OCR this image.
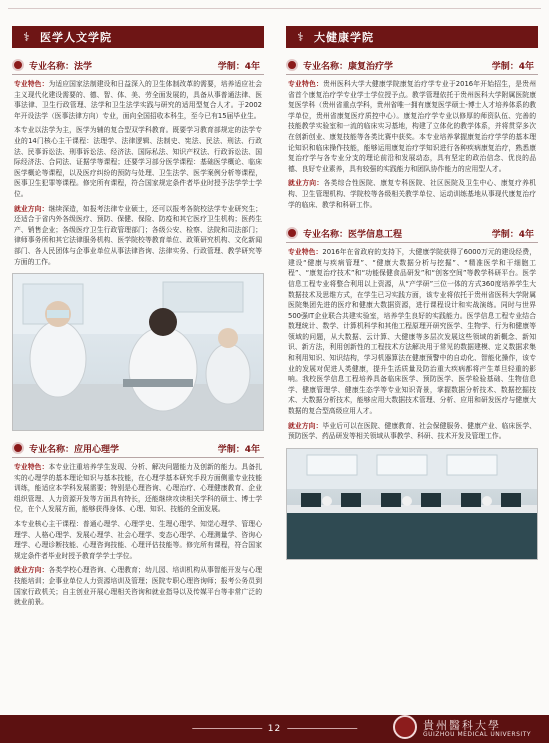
⚕ 医学人文学院
专业名称：法学	学制：4年
专业特色：为适应国家法制建设和日益深入的卫生体制改革的需要，培养适应社会主义现代化建设需要的、德、智、体、美、劳全面发展的，具备从事普通法律、医事法律、卫生行政管理、法学和卫生法学实践与研究的适用型复合人才。于2002年开设法学（医事法律方向）专业，面向全国招收本科生，至今已有15届毕业生。
本专业以法学为主，医学为辅的复合型双学科教育。既要学习教育部规定的法学专业的14门核心主干课程：法理学、法律逻辑、法制史、宪法、民法、刑法、行政法、民事诉讼法、刑事诉讼法、经济法、国际私法、知识产权法、行政诉讼法、国际经济法、合同法、证据学等课程；还要学习部分医学课程：基础医学概论、临床医学概论等课程，以及医疗纠纷的预防与处理、卫生法学、医学案例分析等课程，医事卫生犯罪等课程。修完所有课程，符合国家规定条件者毕业时授予法学学士学位。
就业方向：继续深造，如报考法律专业硕士，还可以报考各院校法学专业研究生；还适合于省内外各级医疗、预防、保健、保险、防疫和其它医疗卫生机构；医药生产、销售企业；各级医疗卫生行政管理部门；各级公安、检察、法院和司法部门；律师事务所和其它法律服务机构、医学院校等教育单位、政策研究机构、文化新闻部门、各人民团体与企事业单位从事法律咨询、法律实务、行政管理、教学研究等方面的工作。
专业名称：应用心理学	学制：4年
专业特色：本专业注重培养学生发现、分析、解决问题能力及创新的能力。具备扎实的心理学的基本理论知识与基本技能，在心理学基本研究手段方面侧重专业技能训练，能适应本学科发展需要；特别是心理咨询、心理治疗、心理健康教育、企业组织管理、人力资源开发等方面具有特长，还能继续攻读相关学科的硕士、博士学位，在个人发展方面，能够获得身体、心理、知识、技能的全面发展。
本专业核心主干课程：普通心理学、心理学史、生理心理学、知觉心理学、管理心理学、人格心理学、发展心理学、社会心理学、变态心理学、心理测量学、咨询心理学、心理诊断技能、心理咨询技能、心理评估技能等。修完所有课程，符合国家规定条件者毕业时授予教育学学士学位。
就业方向：各类学校心理咨询、心理教育；幼儿园、培训机构从事智能开发与心理技能培训；企事业单位人力资源培训及管理；医院专职心理咨询师；报考公务员到国家行政机关；自主创业开展心理相关咨询和就业指导以及传媒平台等非常广泛的就业前景。
⚕ 大健康学院
专业名称：康复治疗学	学制：4年
专业特色：贵州医科大学大健康学院康复治疗学专业于2016年开始招生，是贵州省首个康复治疗学专业学士学位授予点。教学管理依托于贵州医科大学附属医院康复医学科（贵州省重点学科，贵州省唯一拥有康复医学硕士-博士人才培养体系的教学单位，贵州省康复医疗质控中心）。康复治疗学专业以修厚的师资队伍、完善的技能教学实验室和一流的临床实习基地，构建了立体化的教学体系，并将贯穿多次在创新创业、康复技能等各类比赛中获奖。本专业培养掌握康复治疗学学的基本理论知识和临床操作技能，能够运用康复治疗学知识进行各种疾病康复治疗，熟悉康复治疗学与各专业分支的理论前沿和发展动态，具有坚定的政治信念、优良的品德、良好专业素养，具有较强的实践能力和团队协作能力的应用型人才。
就业方向：各类综合性医院、康复专科医院、社区医院及卫生中心、康复疗养机构、卫生管理机构、学院校等各级相关教学单位、运动训练基地从事现代康复治疗学的临床、教学和科研工作。
专业名称：医学信息工程	学制：4年
专业特色：2016年在省政府的支持下，大健康学院获得了6000万元的建设经费，建设“健康与疾病管理”、“健康大数据分析与挖掘”、“精准医学和干细胞工程”、“康复治疗技术”和“功能保健食品研发”和“创客空间”等教学科研平台。医学信息工程专业将整合利用以上资源，从“产学研”三位一体的方式360度培养学生大数据技术及思维方式，在学生已习实践方面，该专业将依托于贵州省医科大学附属医院集团先进的医疗和健康大数据资源，进行课程设计和实战演练。同时与世界500强IT企业联合共建实验室，培养学生良好的实践能力。医学信息工程专业结合数理统计、数学、计算机科学和其他工程原理开研究医学、生物学、行为和健康等领域的问题，从大数据、云计算、大健康等多层次发展这些领域的新概念、新知识、新方法，利用创新性的工程技术方法解决用于常见的数据建模、定义数据求集和利用知识、知识结构，学习机器算法在健康预警中的自动化、智能化操作，该专业的发展对促进人类健康，提升生活质量及防治重大疾病都将产生革旦轻重的影响。我校医学信息工程培养具备临床医学、预防医学、医学检验基础、生物信息学、健康管理学、健康生态学等专业知识背景，掌握数据分析技术、数据挖掘技术、大数据分析技术，能够应用大数据技术管理、分析、应用和研发医疗与健康大数据的复合型高级应用人才。
就业方向：毕业后可以在医院、健康教育、社会保健服务、健康产业、临床医学、预防医学、药品研发等相关领域从事教学、科研、技术开发及管理工作。
12	貴州醫科大學
GUIZHOU MEDICAL UNIVERSITY
